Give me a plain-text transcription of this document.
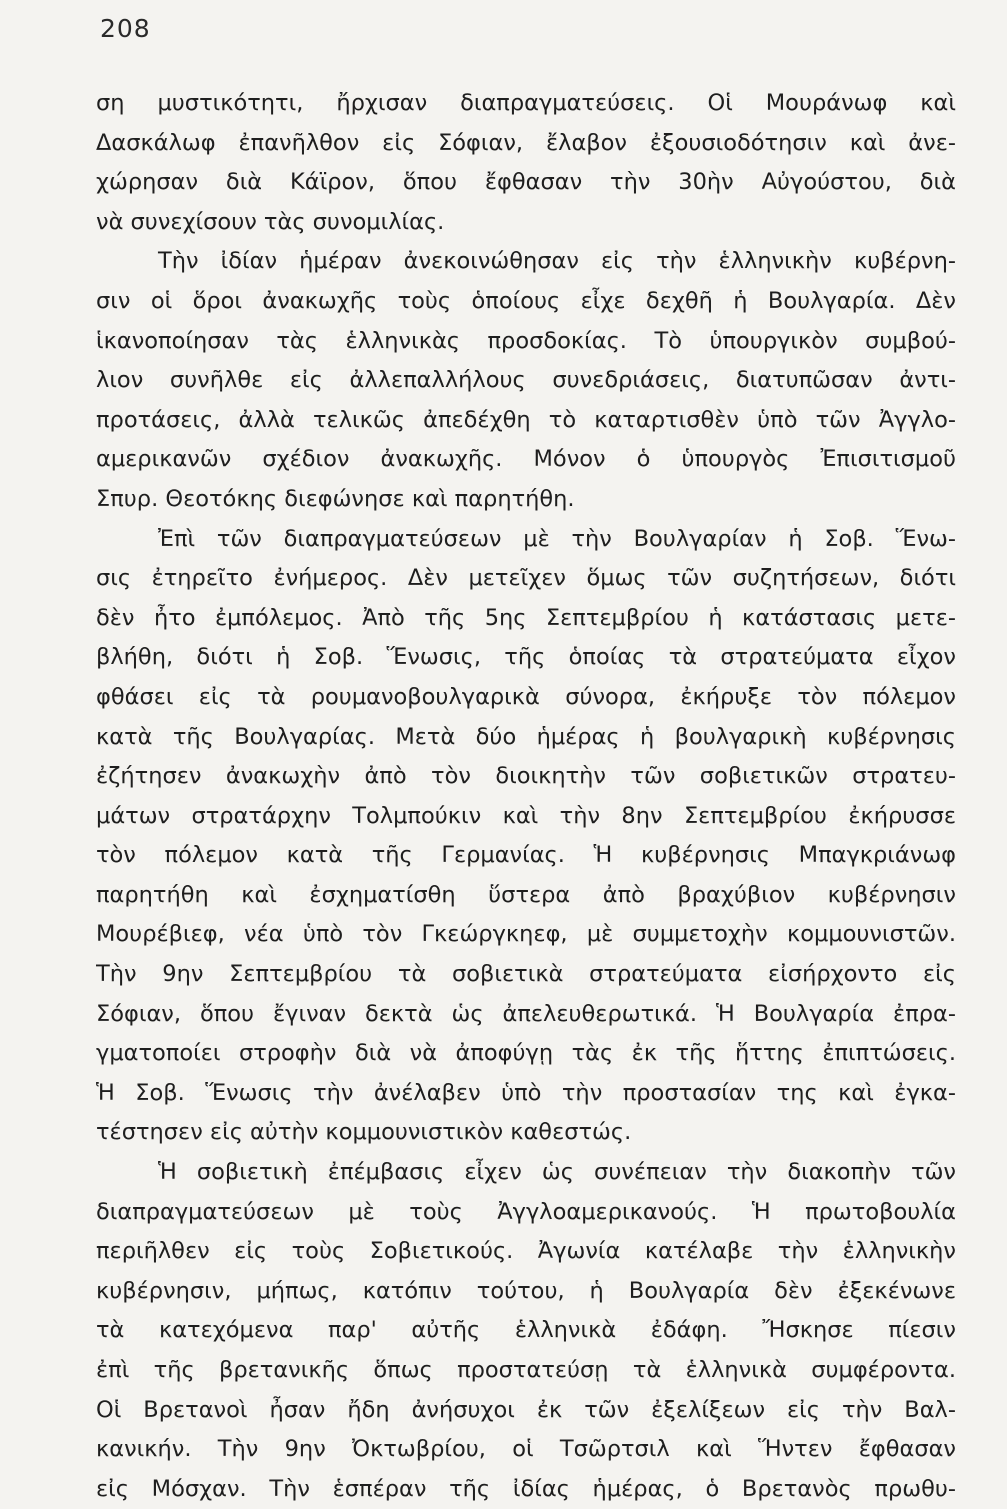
208
ση μυστικότητι, ἤρχισαν διαπραγματεύσεις. Οἱ Μουράνωφ καὶ
Δασκάλωφ ἐπανῆλθον εἰς Σόφιαν, ἔλαβον ἐξουσιοδότησιν καὶ ἀνε-
χώρησαν διὰ Κάϊρον, ὅπου ἔφθασαν τὴν 30ὴν Αὐγούστου, διὰ
νὰ συνεχίσουν τὰς συνομιλίας.
Τὴν ἰδίαν ἡμέραν ἀνεκοινώθησαν εἰς τὴν ἑλληνικὴν κυβέρνη-
σιν οἱ ὅροι ἀνακωχῆς τοὺς ὁποίους εἶχε δεχθῆ ἡ Βουλγαρία. Δὲν
ἱκανοποίησαν τὰς ἑλληνικὰς προσδοκίας. Τὸ ὑπουργικὸν συμβού-
λιον συνῆλθε εἰς ἀλλεπαλλήλους συνεδριάσεις, διατυπῶσαν ἀντι-
προτάσεις, ἀλλὰ τελικῶς ἀπεδέχθη τὸ καταρτισθὲν ὑπὸ τῶν Ἀγγλο-
αμερικανῶν σχέδιον ἀνακωχῆς. Μόνον ὁ ὑπουργὸς Ἐπισιτισμοῦ
Σπυρ. Θεοτόκης διεφώνησε καὶ παρητήθη.
Ἐπὶ τῶν διαπραγματεύσεων μὲ τὴν Βουλγαρίαν ἡ Σοβ. Ἕνω-
σις ἐτηρεῖτο ἐνήμερος. Δὲν μετεῖχεν ὅμως τῶν συζητήσεων, διότι
δὲν ἦτο ἐμπόλεμος. Ἀπὸ τῆς 5ης Σεπτεμβρίου ἡ κατάστασις μετε-
βλήθη, διότι ἡ Σοβ. Ἕνωσις, τῆς ὁποίας τὰ στρατεύματα εἶχον
φθάσει εἰς τὰ ρουμανοβουλγαρικὰ σύνορα, ἐκήρυξε τὸν πόλεμον
κατὰ τῆς Βουλγαρίας. Μετὰ δύο ἡμέρας ἡ βουλγαρικὴ κυβέρνησις
ἐζήτησεν ἀνακωχὴν ἀπὸ τὸν διοικητὴν τῶν σοβιετικῶν στρατευ-
μάτων στρατάρχην Τολμπούκιν καὶ τὴν 8ην Σεπτεμβρίου ἐκήρυσσε
τὸν πόλεμον κατὰ τῆς Γερμανίας. Ἡ κυβέρνησις Μπαγκριάνωφ
παρητήθη καὶ ἐσχηματίσθη ὕστερα ἀπὸ βραχύβιον κυβέρνησιν
Μουρέβιεφ, νέα ὑπὸ τὸν Γκεώργκηεφ, μὲ συμμετοχὴν κομμουνιστῶν.
Τὴν 9ην Σεπτεμβρίου τὰ σοβιετικὰ στρατεύματα εἰσήρχοντο εἰς
Σόφιαν, ὅπου ἔγιναν δεκτὰ ὡς ἀπελευθερωτικά. Ἡ Βουλγαρία ἐπρα-
γματοποίει στροφὴν διὰ νὰ ἀποφύγῃ τὰς ἐκ τῆς ἥττης ἐπιπτώσεις.
Ἡ Σοβ. Ἕνωσις τὴν ἀνέλαβεν ὑπὸ τὴν προστασίαν της καὶ ἐγκα-
τέστησεν εἰς αὐτὴν κομμουνιστικὸν καθεστώς.
Ἡ σοβιετικὴ ἐπέμβασις εἶχεν ὡς συνέπειαν τὴν διακοπὴν τῶν
διαπραγματεύσεων μὲ τοὺς Ἀγγλοαμερικανούς. Ἡ πρωτοβουλία
περιῆλθεν εἰς τοὺς Σοβιετικούς. Ἀγωνία κατέλαβε τὴν ἑλληνικὴν
κυβέρνησιν, μήπως, κατόπιν τούτου, ἡ Βουλγαρία δὲν ἐξεκένωνε
τὰ κατεχόμενα παρ' αὐτῆς ἑλληνικὰ ἐδάφη. Ἤσκησε πίεσιν
ἐπὶ τῆς βρετανικῆς ὅπως προστατεύσῃ τὰ ἑλληνικὰ συμφέροντα.
Οἱ Βρετανοὶ ἦσαν ἤδη ἀνήσυχοι ἐκ τῶν ἐξελίξεων εἰς τὴν Βαλ-
κανικήν. Τὴν 9ην Ὀκτωβρίου, οἱ Τσῶρτσιλ καὶ Ἥντεν ἔφθασαν
εἰς Μόσχαν. Τὴν ἑσπέραν τῆς ἰδίας ἡμέρας, ὁ Βρετανὸς πρωθυ-
